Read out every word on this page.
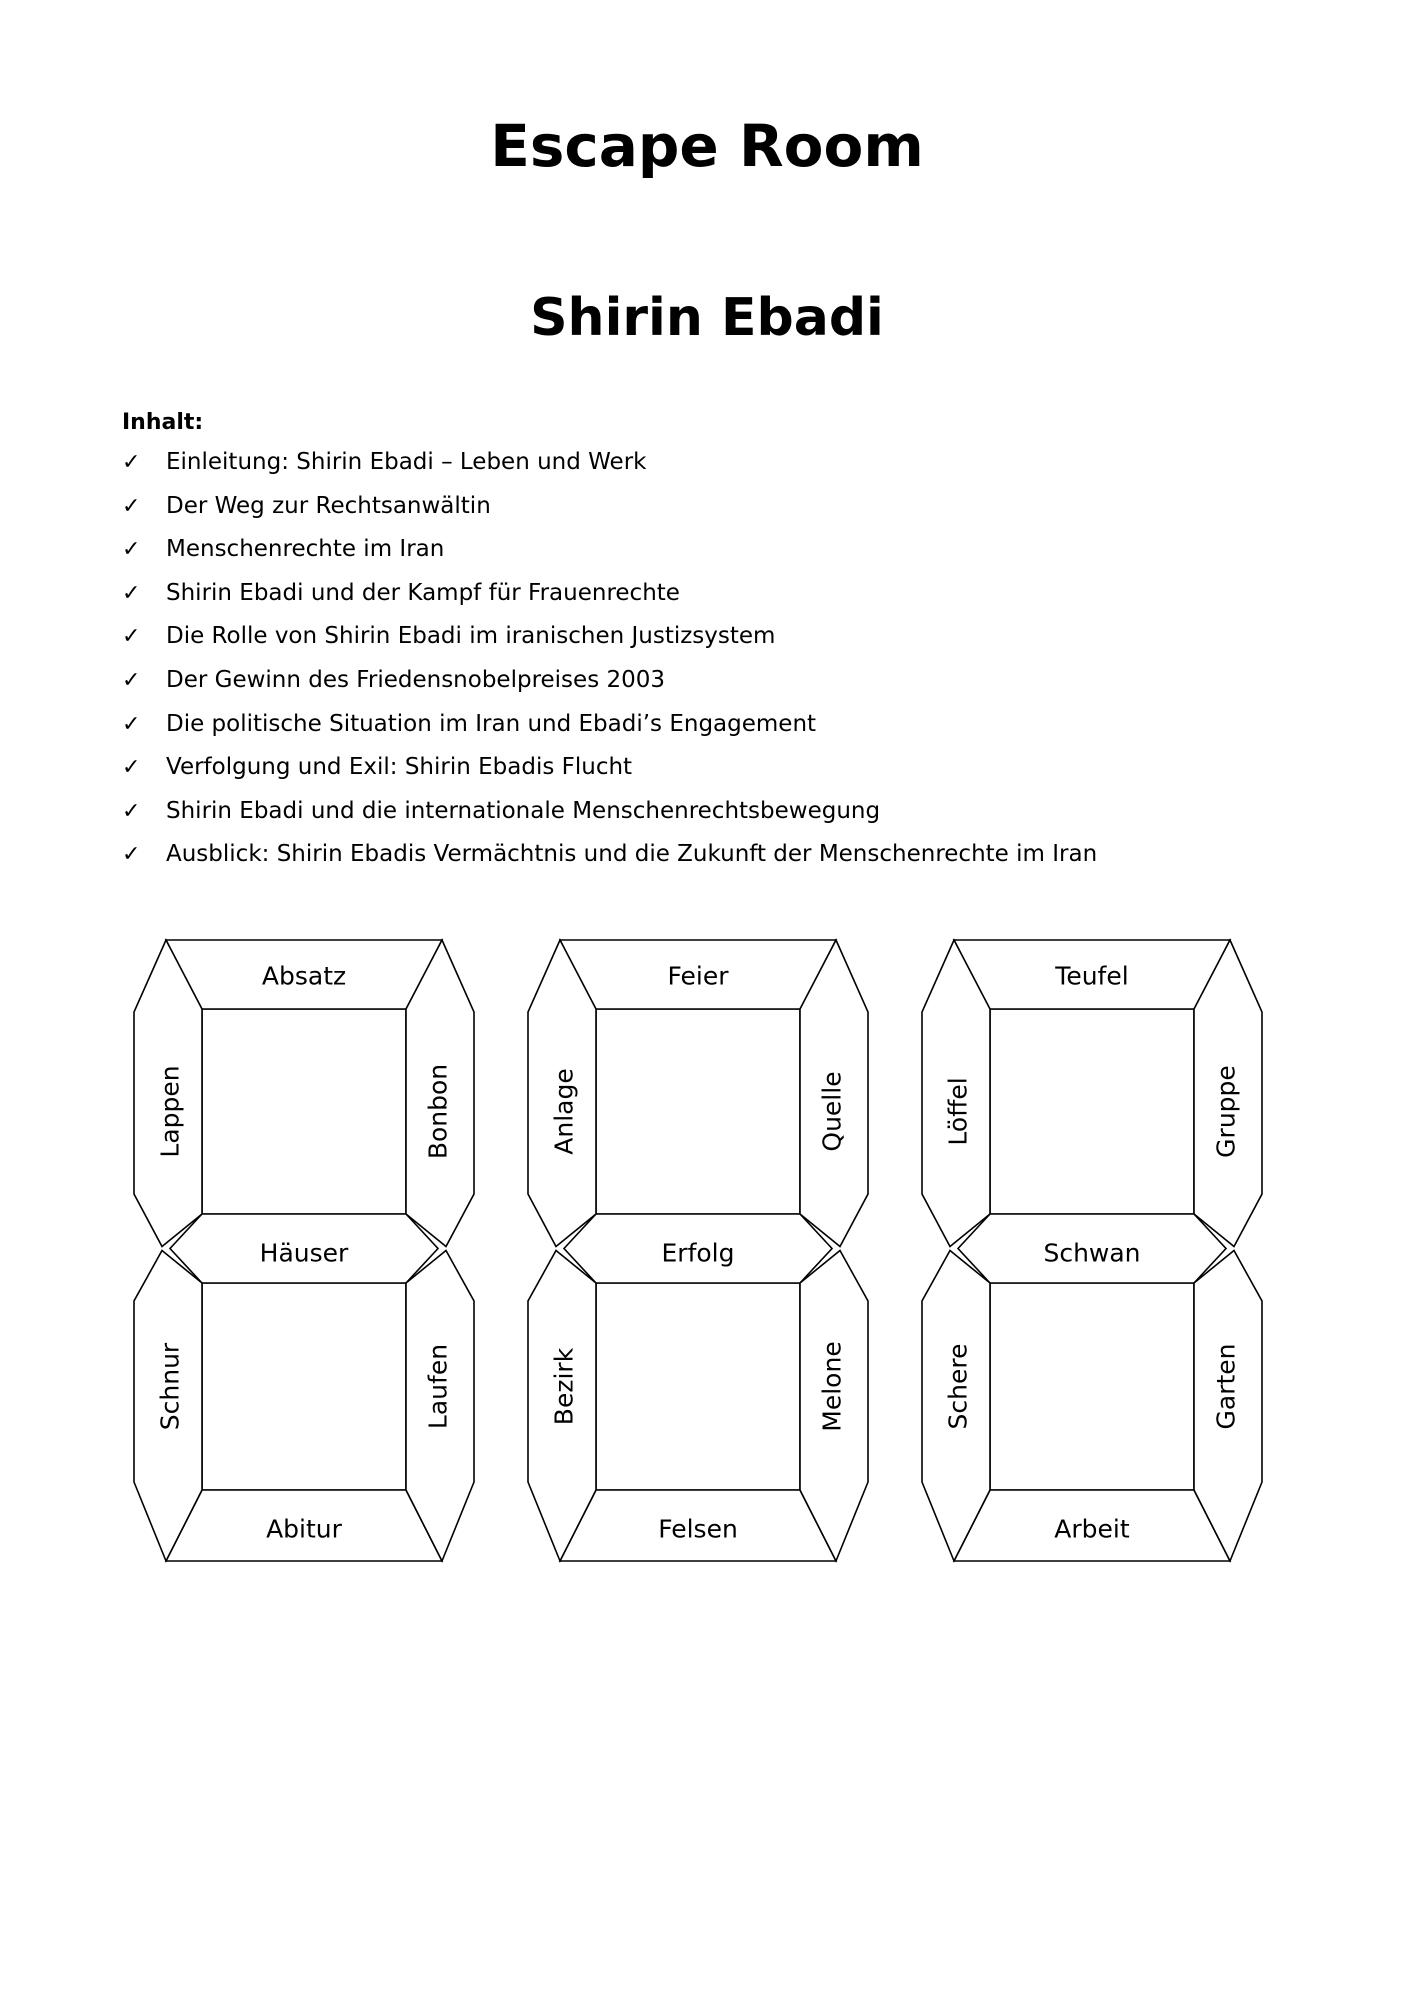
Escape Room
Shirin Ebadi
Inhalt:
✓ Einleitung: Shirin Ebadi – Leben und Werk
✓ Der Weg zur Rechtsanwältin
✓ Menschenrechte im Iran
✓ Shirin Ebadi und der Kampf für Frauenrechte
✓ Die Rolle von Shirin Ebadi im iranischen Justizsystem
✓ Der Gewinn des Friedensnobelpreises 2003
✓ Die politische Situation im Iran und Ebadi’s Engagement
✓ Verfolgung und Exil: Shirin Ebadis Flucht
✓ Shirin Ebadi und die internationale Menschenrechtsbewegung
✓ Ausblick: Shirin Ebadis Vermächtnis und die Zukunft der Menschenrechte im Iran
Absatz
Häuser
Abitur
Lappen	Bonbon
Schnur	Laufen
Feier
Erfolg
Felsen
Anlage	Quelle
Bezirk	Melone
Teufel
Schwan
Arbeit
Löffel	Gruppe
Schere	Garten
